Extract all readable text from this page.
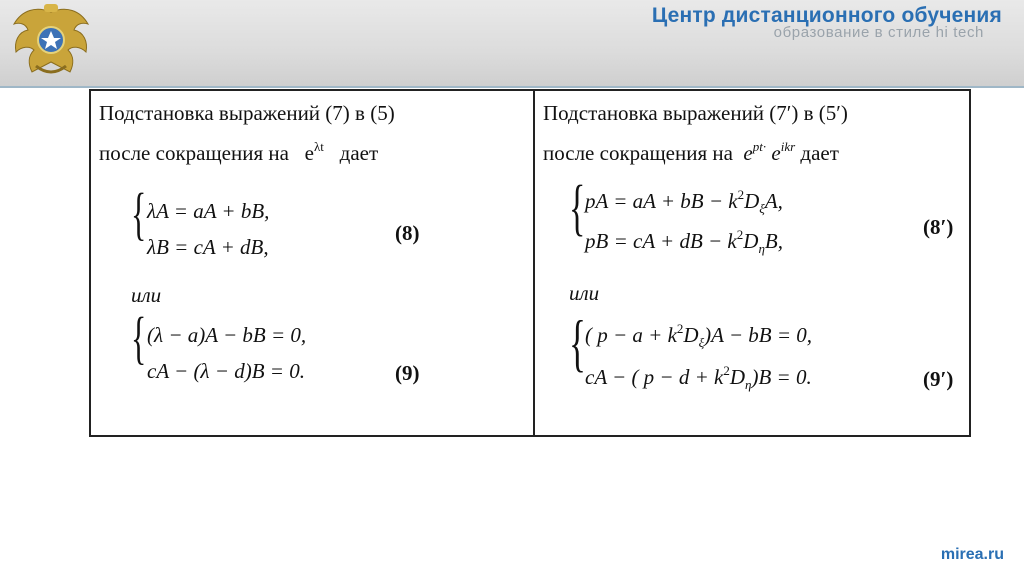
Центр дистанционного обучения
образование в стиле hi tech
Подстановка выражений (7) в (5)
после сокращения на $e^{\lambda t}$ дает
{ λA = aA + bB,
λB = cA + dB,
(8)
или
{ (λ − a)A − bB = 0,
cA − (λ − d)B = 0.	(9)
Подстановка выражений (7′) в (5′)
после сокращения на $e^{pt\cdot}$ $e^{ikr}$ дает
{ pA = aA + bB − $k^2D_\xi A$,
pB = cA + dB − $k^2D_\eta B$,
(8′)
или
{ ( $p - a + k^2D_\xi)A$ − bB = 0,
cA − ( $p - d + k^2D_\eta)B = 0$.	(9′)
mirea.ru
